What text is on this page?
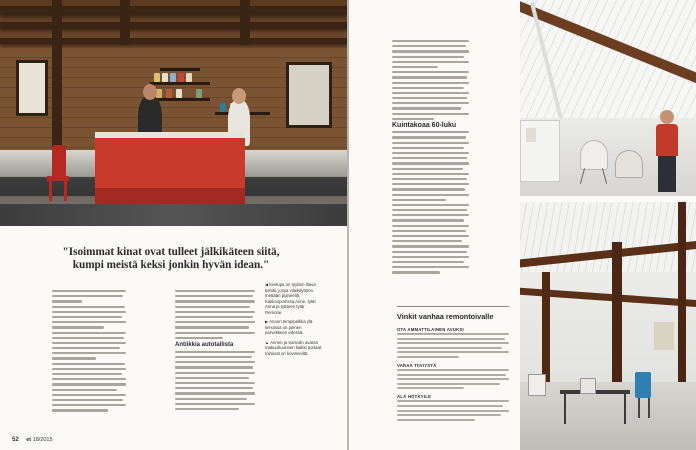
"Isoimmat kinat ovat tulleet jälkikäteen siitä, kumpi meistä keksi jonkin hyvän idean."
Antiikkia autotallista

◀ Kivitupa on tyylisin iltava kehitii, jossa viitekilyttöön mettään puineellä. Kakkosportissa Anne, tytär Anna ja tyttären tytär Remone.

▶ Annen tempipelkka ylä kerrassa on pienen parvekkeen edessä.

▲ Annen ja Samulin avaran makuuhuoneen kaikki portaat toimivat on kovinneiltä.

52 et 18/2015
Kuintakoaa 60-luku
Vinkit vanhaa remontoivalle
OTA AMMATTILAINEN AVUKSI
VARAA TIIVIYSTÄ
ÄLÄ HÖTKYILE
